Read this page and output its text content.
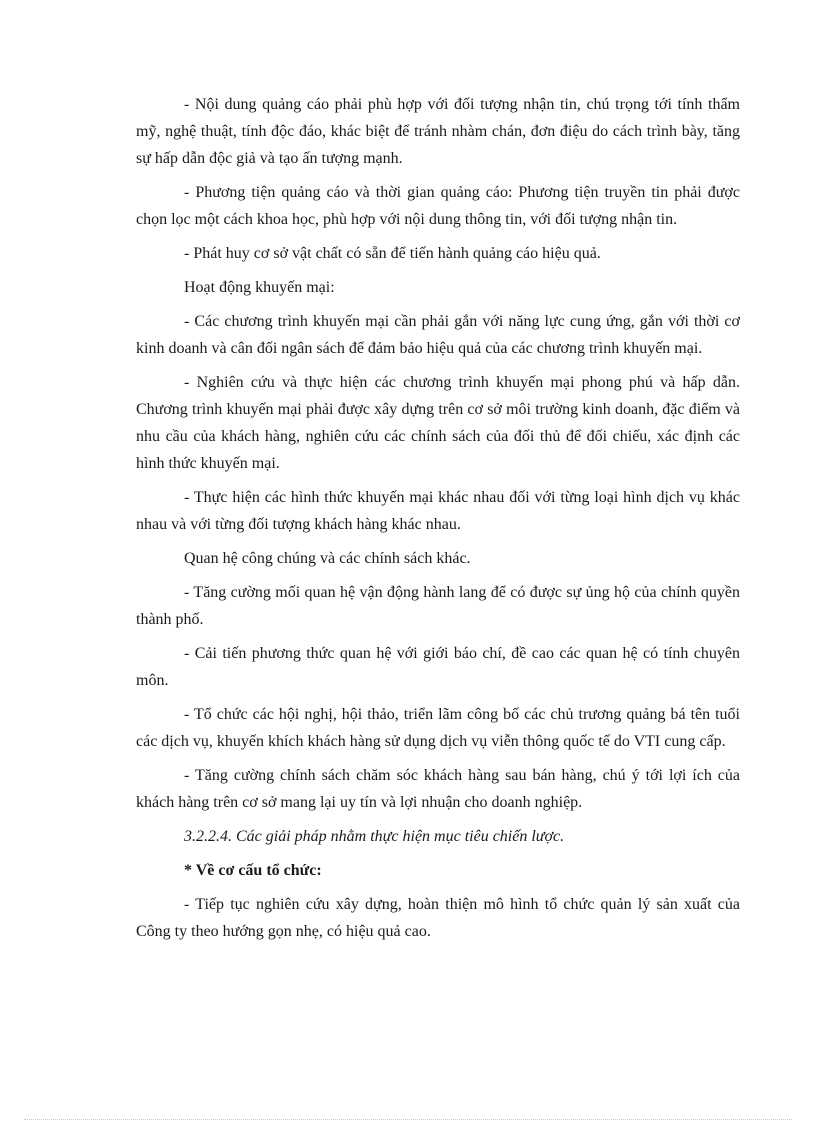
- Nội dung quảng cáo phải phù hợp với đối tượng nhận tin, chú trọng tới tính thẩm mỹ, nghệ thuật, tính độc đáo, khác biệt để tránh nhàm chán, đơn điệu do cách trình bày, tăng sự hấp dẫn độc giả và tạo ấn tượng mạnh.

- Phương tiện quảng cáo và thời gian quảng cáo: Phương tiện truyền tin phải được chọn lọc một cách khoa học, phù hợp với nội dung thông tin, với đối tượng nhận tin.

- Phát huy cơ sở vật chất có sẵn để tiến hành quảng cáo hiệu quả.

Hoạt động khuyến mại:

- Các chương trình khuyến mại cần phải gắn với năng lực cung ứng, gắn với thời cơ kinh doanh và cân đối ngân sách để đảm bảo hiệu quả của các chương trình khuyến mại.

- Nghiên cứu và thực hiện các chương trình khuyến mại phong phú và hấp dẫn. Chương trình khuyến mại phải được xây dựng trên cơ sở môi trường kinh doanh, đặc điểm và nhu cầu của khách hàng, nghiên cứu các chính sách của đối thủ để đối chiếu, xác định các hình thức khuyến mại.

- Thực hiện các hình thức khuyến mại khác nhau đối với từng loại hình dịch vụ khác nhau và với từng đối tượng khách hàng khác nhau.

Quan hệ công chúng và các chính sách khác.

- Tăng cường mối quan hệ vận động hành lang để có được sự ủng hộ của chính quyền thành phố.

- Cải tiến phương thức quan hệ với giới báo chí, đề cao các quan hệ có tính chuyên môn.

- Tổ chức các hội nghị, hội thảo, triển lãm công bố các chủ trương quảng bá tên tuổi các dịch vụ, khuyến khích khách hàng sử dụng dịch vụ viễn thông quốc tế do VTI cung cấp.

- Tăng cường chính sách chăm sóc khách hàng sau bán hàng, chú ý tới lợi ích của khách hàng trên cơ sở mang lại uy tín và lợi nhuận cho doanh nghiệp.

3.2.2.4. Các giải pháp nhằm thực hiện mục tiêu chiến lược.

* Về cơ cấu tổ chức:

- Tiếp tục nghiên cứu xây dựng, hoàn thiện mô hình tổ chức quản lý sản xuất của Công ty theo hướng gọn nhẹ, có hiệu quả cao.
